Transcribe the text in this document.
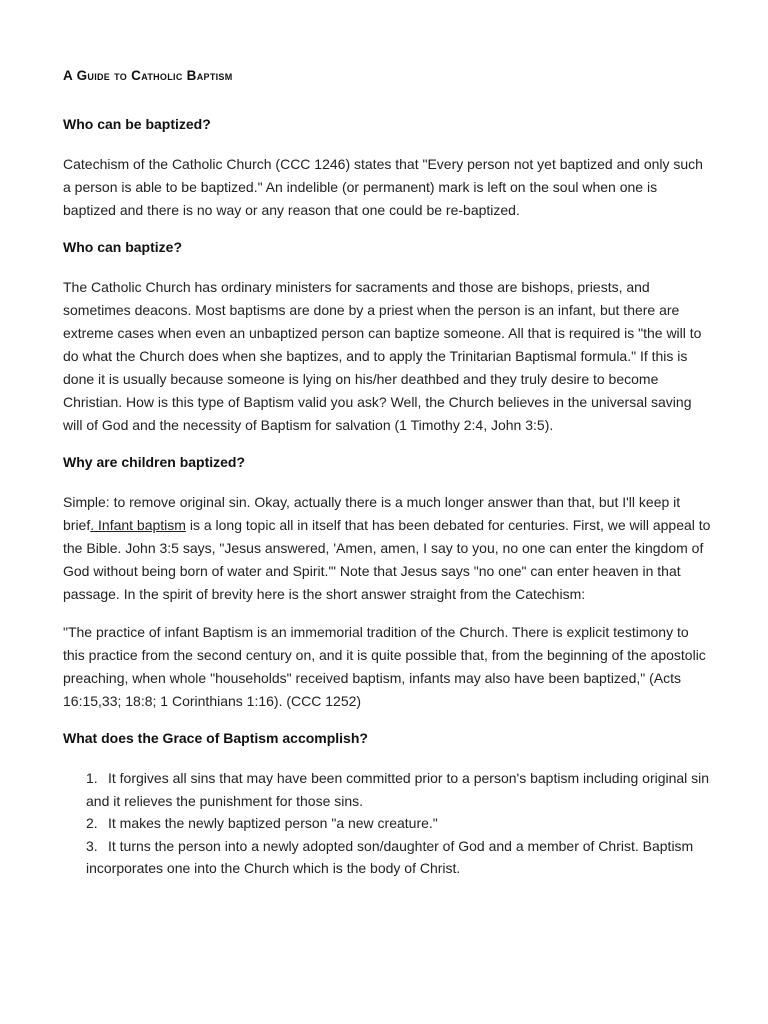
A Guide to Catholic Baptism
Who can be baptized?

Catechism of the Catholic Church (CCC 1246) states that "Every person not yet baptized and only such a person is able to be baptized." An indelible (or permanent) mark is left on the soul when one is baptized and there is no way or any reason that one could be re-baptized.

Who can baptize?

The Catholic Church has ordinary ministers for sacraments and those are bishops, priests, and sometimes deacons. Most baptisms are done by a priest when the person is an infant, but there are extreme cases when even an unbaptized person can baptize someone. All that is required is "the will to do what the Church does when she baptizes, and to apply the Trinitarian Baptismal formula." If this is done it is usually because someone is lying on his/her deathbed and they truly desire to become Christian. How is this type of Baptism valid you ask? Well, the Church believes in the universal saving will of God and the necessity of Baptism for salvation (1 Timothy 2:4, John 3:5).

Why are children baptized?

Simple: to remove original sin. Okay, actually there is a much longer answer than that, but I'll keep it brief. Infant baptism is a long topic all in itself that has been debated for centuries. First, we will appeal to the Bible. John 3:5 says, "Jesus answered, 'Amen, amen, I say to you, no one can enter the kingdom of God without being born of water and Spirit.'" Note that Jesus says "no one" can enter heaven in that passage. In the spirit of brevity here is the short answer straight from the Catechism:

"The practice of infant Baptism is an immemorial tradition of the Church. There is explicit testimony to this practice from the second century on, and it is quite possible that, from the beginning of the apostolic preaching, when whole "households" received baptism, infants may also have been baptized," (Acts 16:15,33; 18:8; 1 Corinthians 1:16). (CCC 1252)

What does the Grace of Baptism accomplish?
1. It forgives all sins that may have been committed prior to a person's baptism including original sin and it relieves the punishment for those sins.
2. It makes the newly baptized person "a new creature."
3. It turns the person into a newly adopted son/daughter of God and a member of Christ. Baptism incorporates one into the Church which is the body of Christ.
